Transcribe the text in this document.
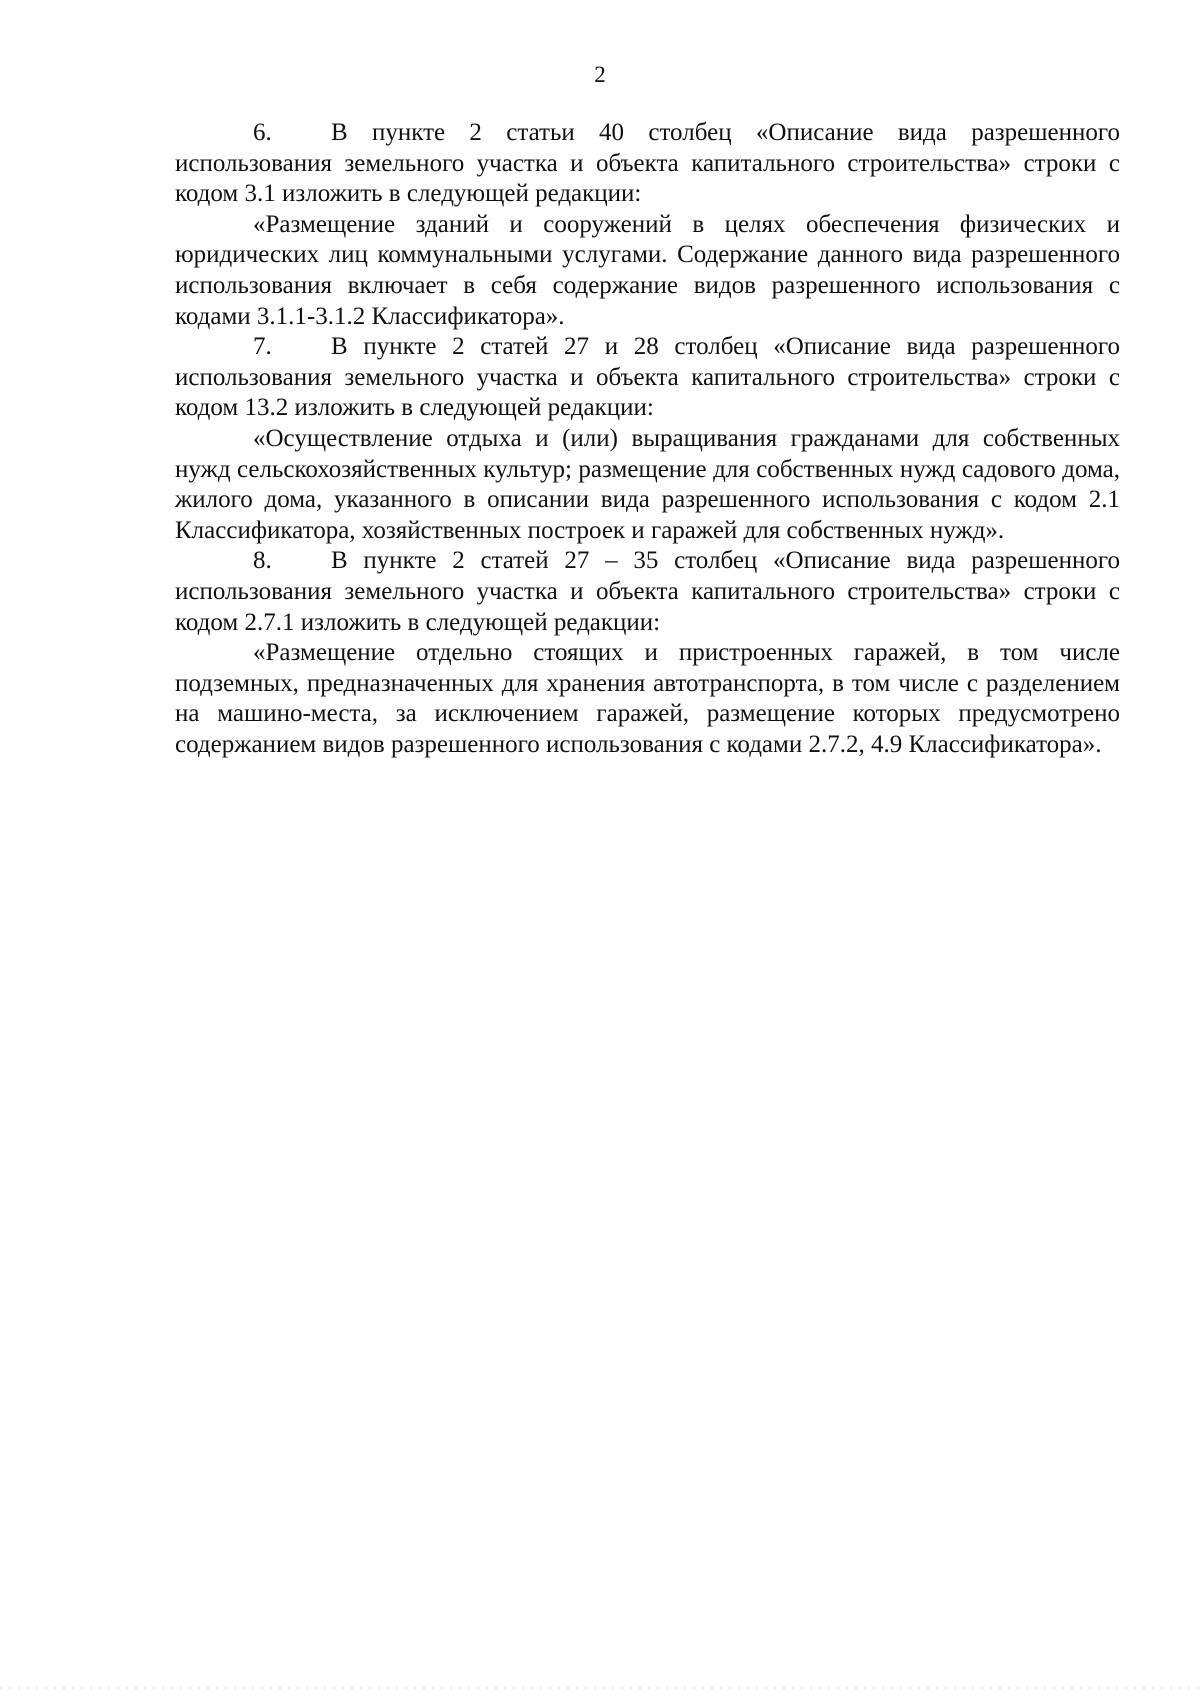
2

6. В пункте 2 статьи 40 столбец «Описание вида разрешенного использования земельного участка и объекта капитального строительства» строки с кодом 3.1 изложить в следующей редакции:

«Размещение зданий и сооружений в целях обеспечения физических и юридических лиц коммунальными услугами. Содержание данного вида разрешенного использования включает в себя содержание видов разрешенного использования с кодами 3.1.1-3.1.2 Классификатора».

7. В пункте 2 статей 27 и 28 столбец «Описание вида разрешенного использования земельного участка и объекта капитального строительства» строки с кодом 13.2 изложить в следующей редакции:

«Осуществление отдыха и (или) выращивания гражданами для собственных нужд сельскохозяйственных культур; размещение для собственных нужд садового дома, жилого дома, указанного в описании вида разрешенного использования с кодом 2.1 Классификатора, хозяйственных построек и гаражей для собственных нужд».

8. В пункте 2 статей 27 – 35 столбец «Описание вида разрешенного использования земельного участка и объекта капитального строительства» строки с кодом 2.7.1 изложить в следующей редакции:

«Размещение отдельно стоящих и пристроенных гаражей, в том числе подземных, предназначенных для хранения автотранспорта, в том числе с разделением на машино-места, за исключением гаражей, размещение которых предусмотрено содержанием видов разрешенного использования с кодами 2.7.2, 4.9 Классификатора».
